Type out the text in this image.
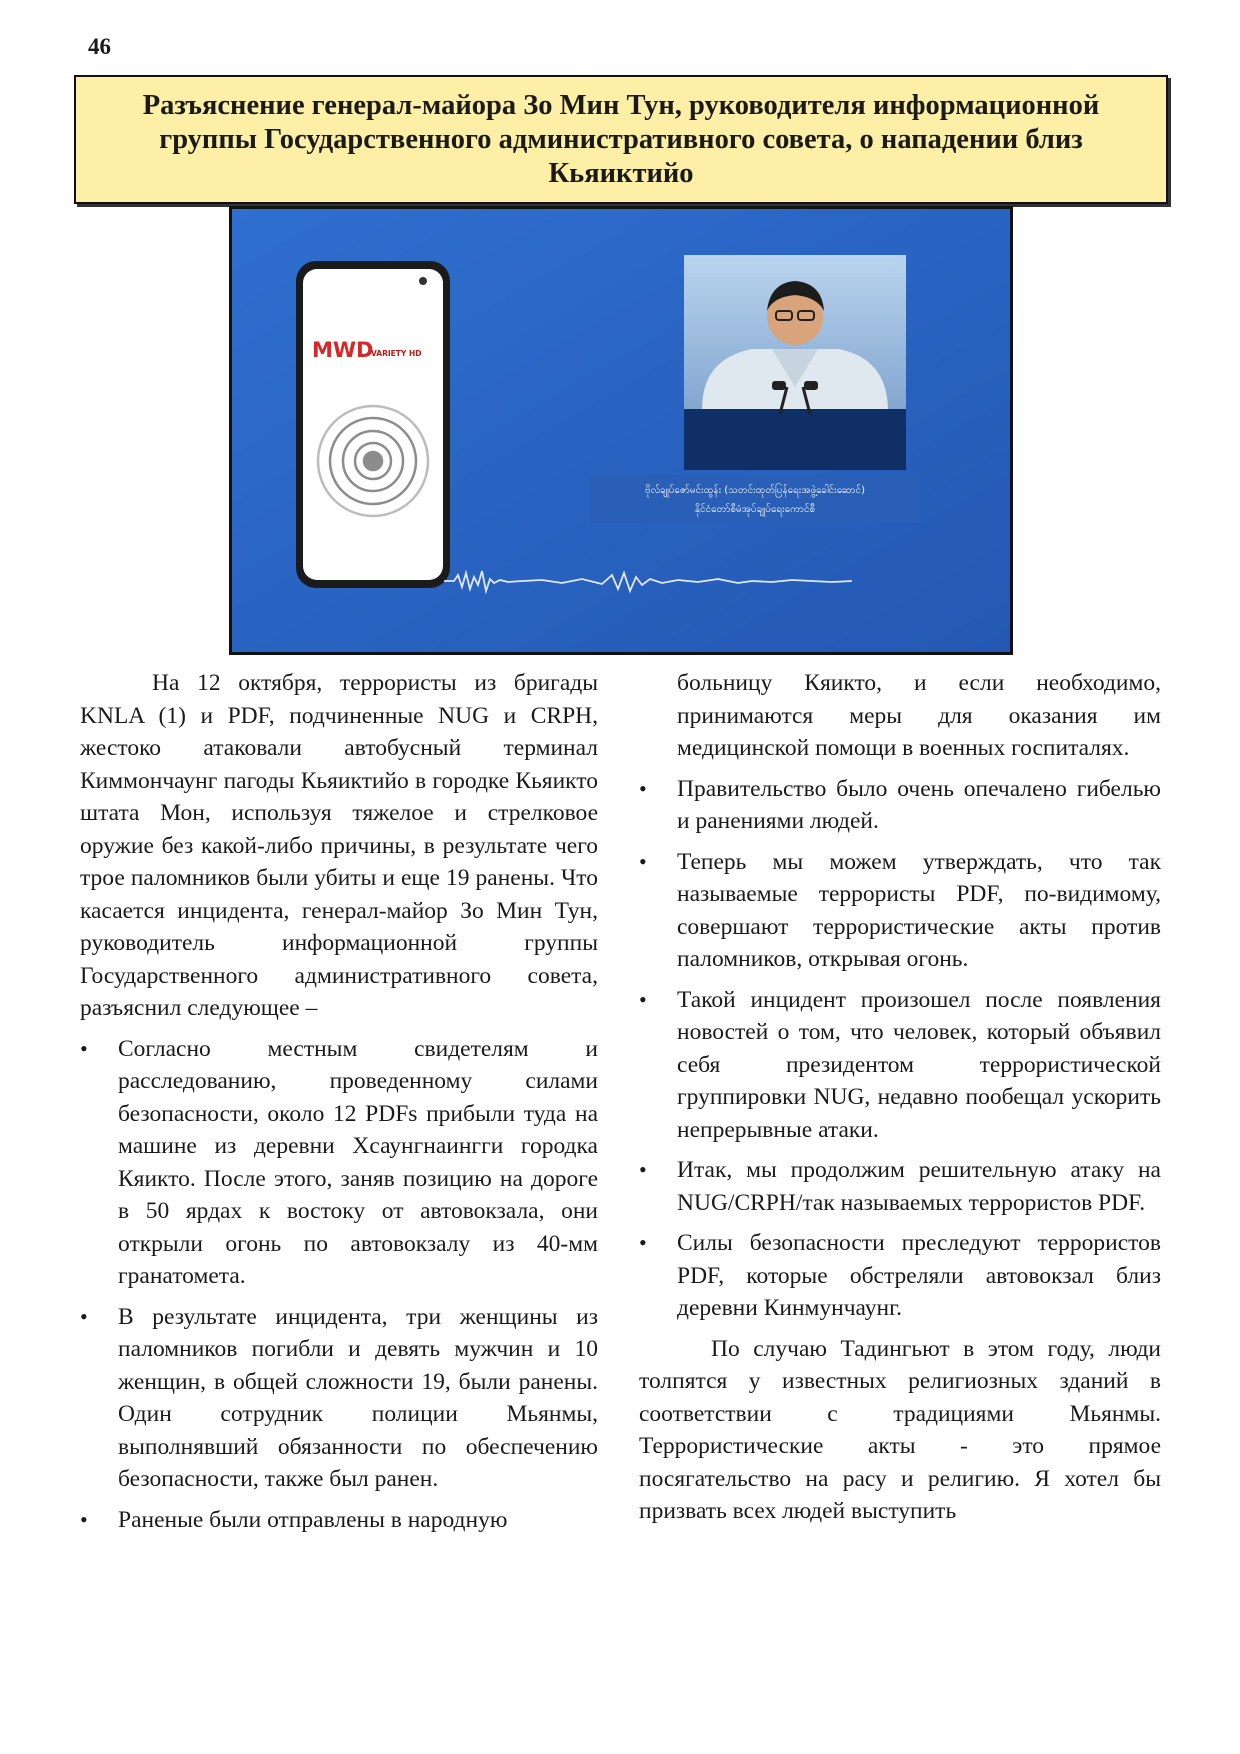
46
Разъяснение генерал-майора Зо Мин Тун, руководителя информационной группы Государственного административного совета, о нападении близ Кьяиктийо
MWD
VARIETY HD
ဗိုလ်ချုပ်ဇော်မင်းထွန်း (သတင်းထုတ်ပြန်ရေးအဖွဲ့ခေါင်းဆောင်)
နိုင်ငံတော်စီမံအုပ်ချုပ်ရေးကောင်စီ

На 12 октября, террористы из бригады KNLA (1) и PDF, подчиненные NUG и CRPH, жестоко атаковали автобусный терминал Киммончаунг пагоды Кьяиктийо в городке Кьяикто штата Мон, используя тяжелое и стрелковое оружие без какой-либо причины, в результате чего трое паломников были убиты и еще 19 ранены. Что касается инцидента, генерал-майор Зо Мин Тун, руководитель информационной группы Государственного административного совета, разъяснил следующее –

•	Согласно местным свидетелям и расследованию, проведенному силами безопасности, около 12 PDFs прибыли туда на машине из деревни Хсаунгнаингги городка Кяикто. После этого, заняв позицию на дороге в 50 ярдах к востоку от автовокзала, они открыли огонь по автовокзалу из 40-мм гранатомета.
•	В результате инцидента, три женщины из паломников погибли и девять мужчин и 10 женщин, в общей сложности 19, были ранены. Один сотрудник полиции Мьянмы, выполнявший обязанности по обеспечению безопасности, также был ранен.
•	Раненые были отправлены в народную

больницу Кяикто, и если необходимо, принимаются меры для оказания им медицинской помощи в военных госпиталях.

•	Правительство было очень опечалено гибелью и ранениями людей.
•	Теперь мы можем утверждать, что так называемые террористы PDF, по-видимому, совершают террористические акты против паломников, открывая огонь.
•	Такой инцидент произошел после появления новостей о том, что человек, который объявил себя президентом террористической группировки NUG, недавно пообещал ускорить непрерывные атаки.
•	Итак, мы продолжим решительную атаку на NUG/CRPH/так называемых террористов PDF.
•	Силы безопасности преследуют террористов PDF, которые обстреляли автовокзал близ деревни Кинмунчаунг.

По случаю Тадингьют в этом году, люди толпятся у известных религиозных зданий в соответствии с традициями Мьянмы. Террористические акты - это прямое посягательство на расу и религию. Я хотел бы призвать всех людей выступить
